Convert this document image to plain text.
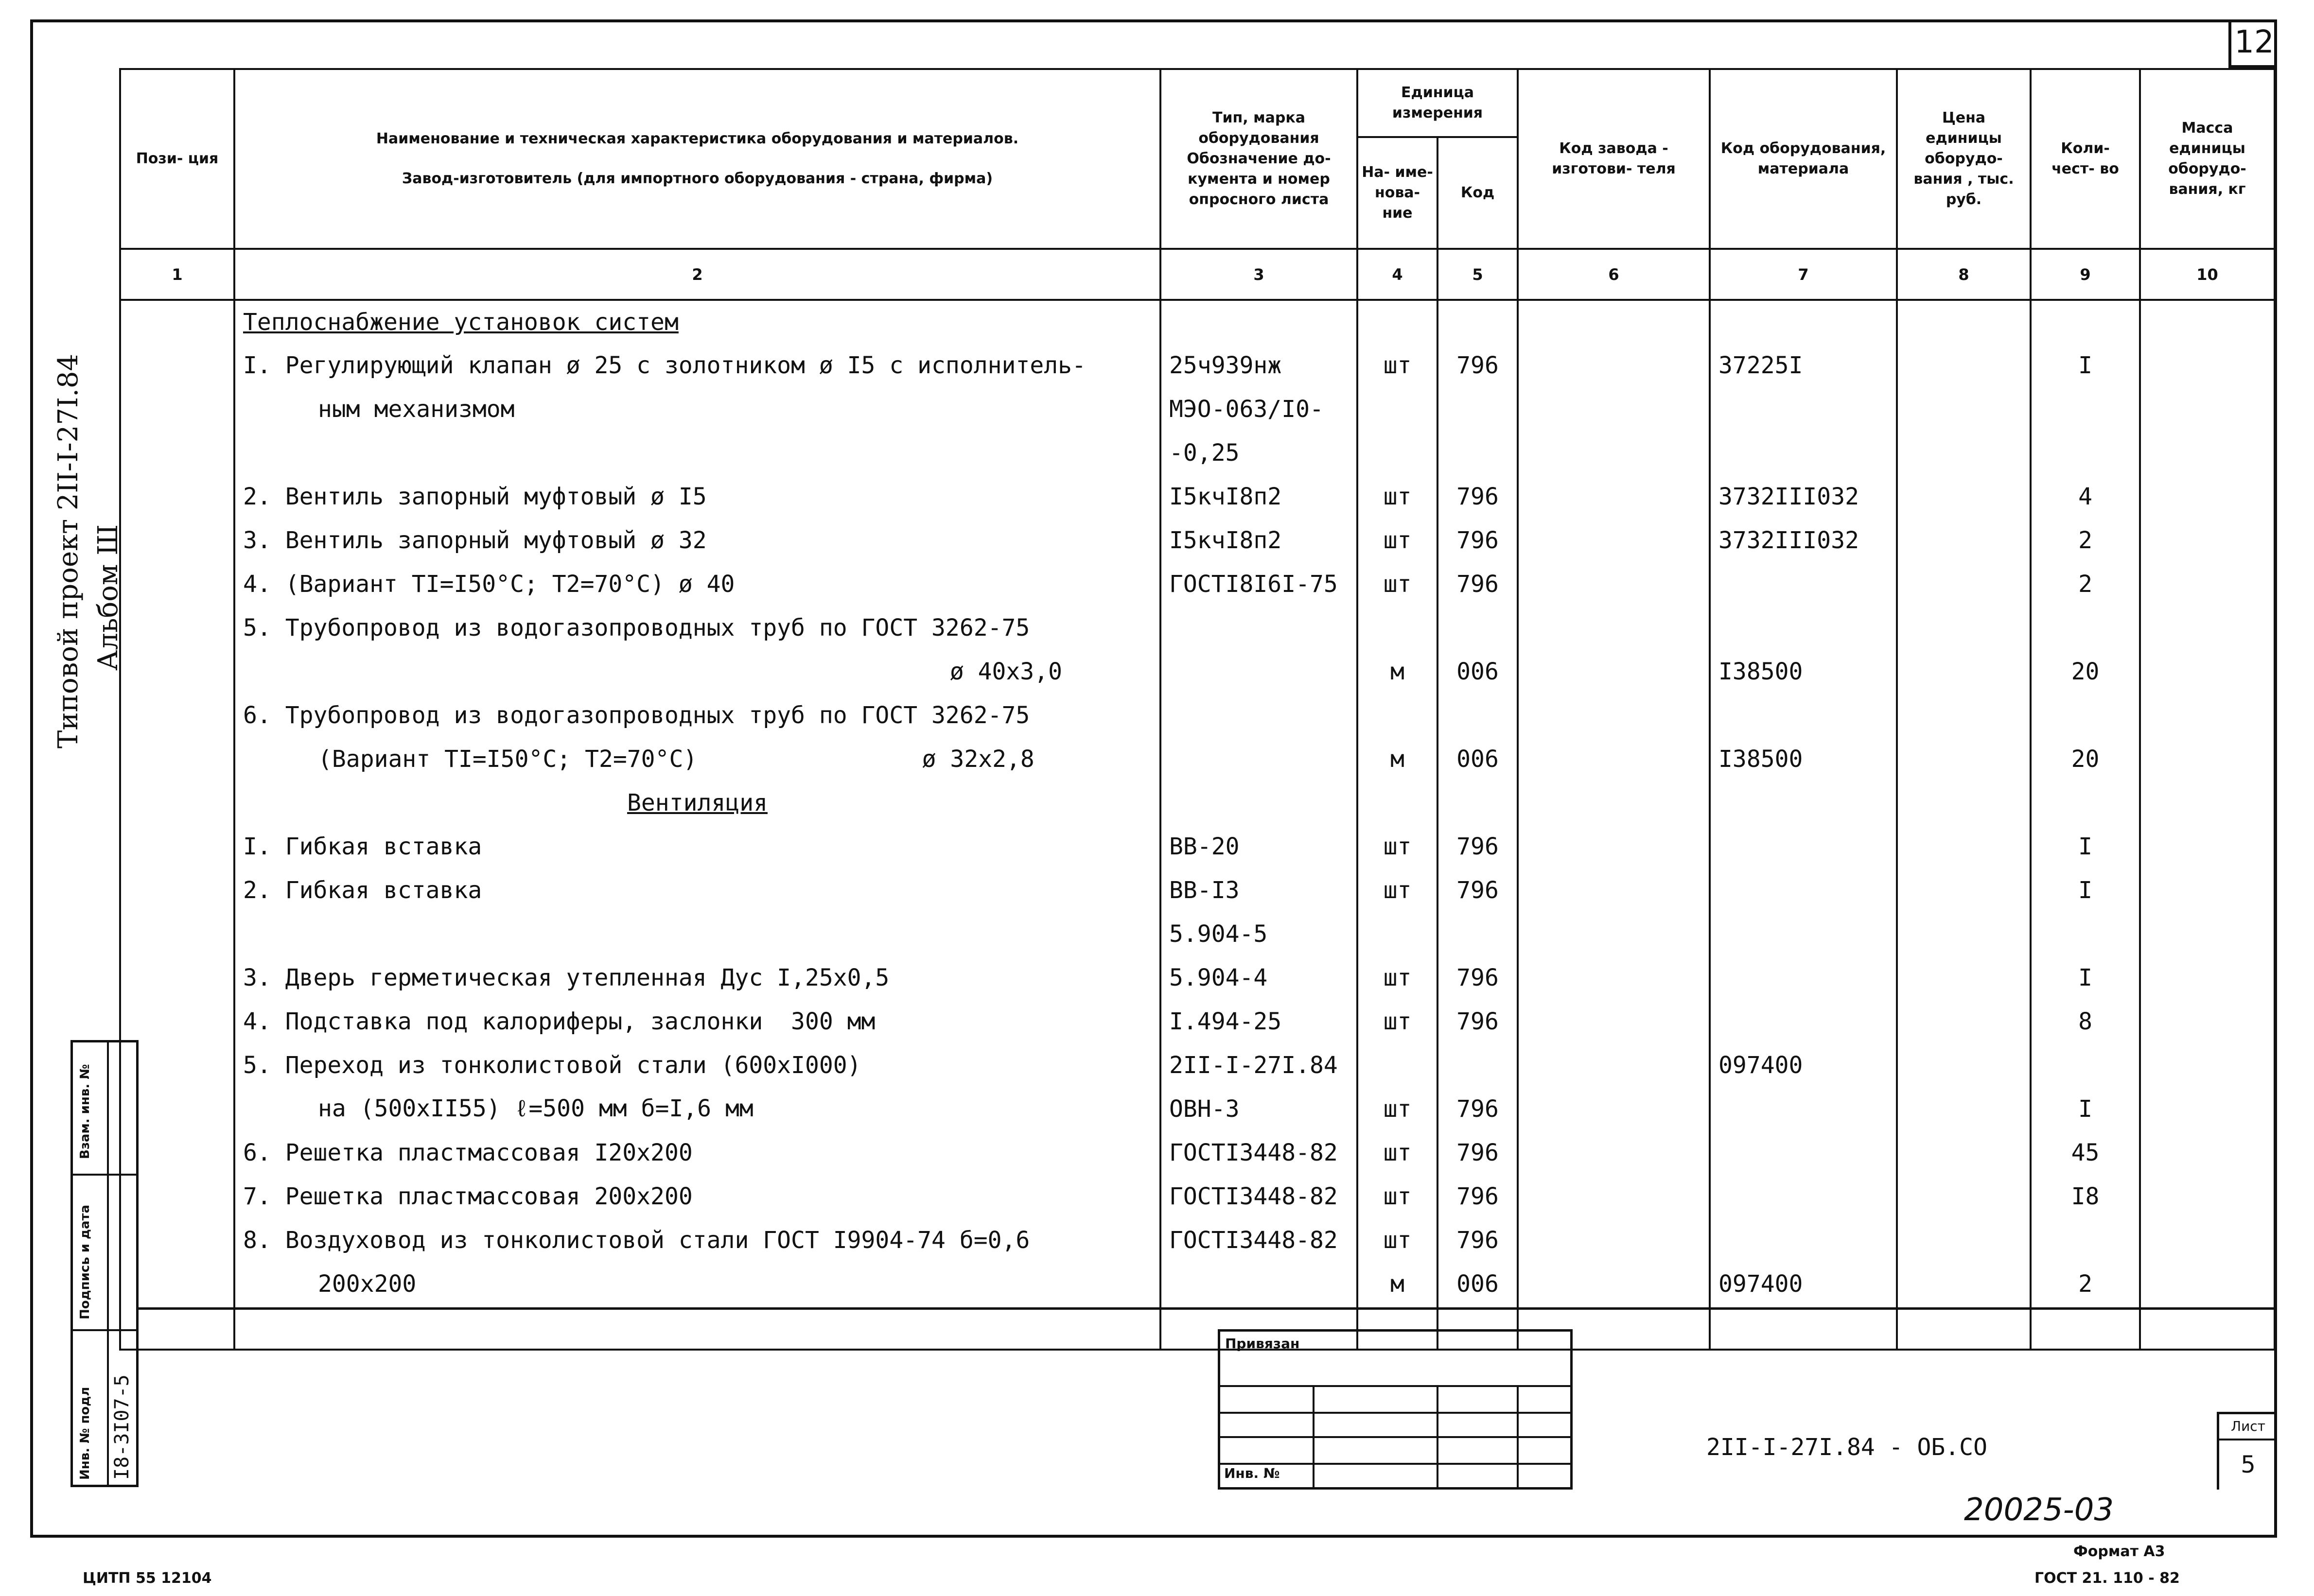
12
Типовой проект 2II-I-27I.84 Альбом Ш
Пози- ция	Наименование и техническая характеристика оборудования и материалов.
Завод-изготовитель (для импортного оборудования - страна, фирма)	Тип, марка оборудования Обозначение до- кумента и номер опросного листа	Единица измерения		Код завода - изготови- теля	Код оборудования, материала	Цена единицы оборудо- вания , тыс. руб.	Коли- чест- во	Масса единицы оборудо- вания, кг
			На- име- нова- ние	Код					
1	2	3	4	5	6	7	8	9	10
	Теплоснабжение установок систем								
	I. Регулирующий клапан ø 25 с золотником ø I5 с исполнитель-	25ч939нж	шт	796		37225I		I	
	ным механизмом	МЭО-063/I0-							
		-0,25							
	2. Вентиль запорный муфтовый ø I5	I5кчI8п2	шт	796		3732III032		4	
	3. Вентиль запорный муфтовый ø 32	I5кчI8п2	шт	796		3732III032		2	
	4. (Вариант TI=I50°C; T2=70°C) ø 40	ГОСТI8I6I-75	шт	796				2	
	5. Трубопровод из водогазопроводных труб по ГОСТ 3262-75								
	ø 40х3,0		м	006		I38500		20	
	6. Трубопровод из водогазопроводных труб по ГОСТ 3262-75								
	(Вариант TI=I50°C; T2=70°C)                ø 32х2,8		м	006		I38500		20	
	Вентиляция								
	I. Гибкая вставка	ВВ-20	шт	796				I	
	2. Гибкая вставка	ВВ-I3	шт	796				I	
		5.904-5							
	3. Дверь герметическая утепленная Дус I,25х0,5	5.904-4	шт	796				I	
	4. Подставка под калориферы, заслонки  300 мм	I.494-25	шт	796				8	
	5. Переход из тонколистовой стали (600хI000)	2II-I-27I.84				097400			
	на (500хII55) ℓ=500 мм б=I,6 мм	ОВН-3	шт	796				I	
	6. Решетка пластмассовая I20х200	ГОСТI3448-82	шт	796				45	
	7. Решетка пластмассовая 200х200	ГОСТI3448-82	шт	796				I8	
	8. Воздуховод из тонколистовой стали ГОСТ I9904-74 б=0,6	ГОСТI3448-82	шт	796					
	200х200		м	006		097400		2	

Взам. инв. №
Подпись и дата
Инв. № подл I8-3I07-5
Привязан
Инв. №
2II-I-27I.84 - ОБ.СО
Лист
5
20025-03
Формат А3
ГОСТ 21. 110 - 82
ЦИТП 55 12104
